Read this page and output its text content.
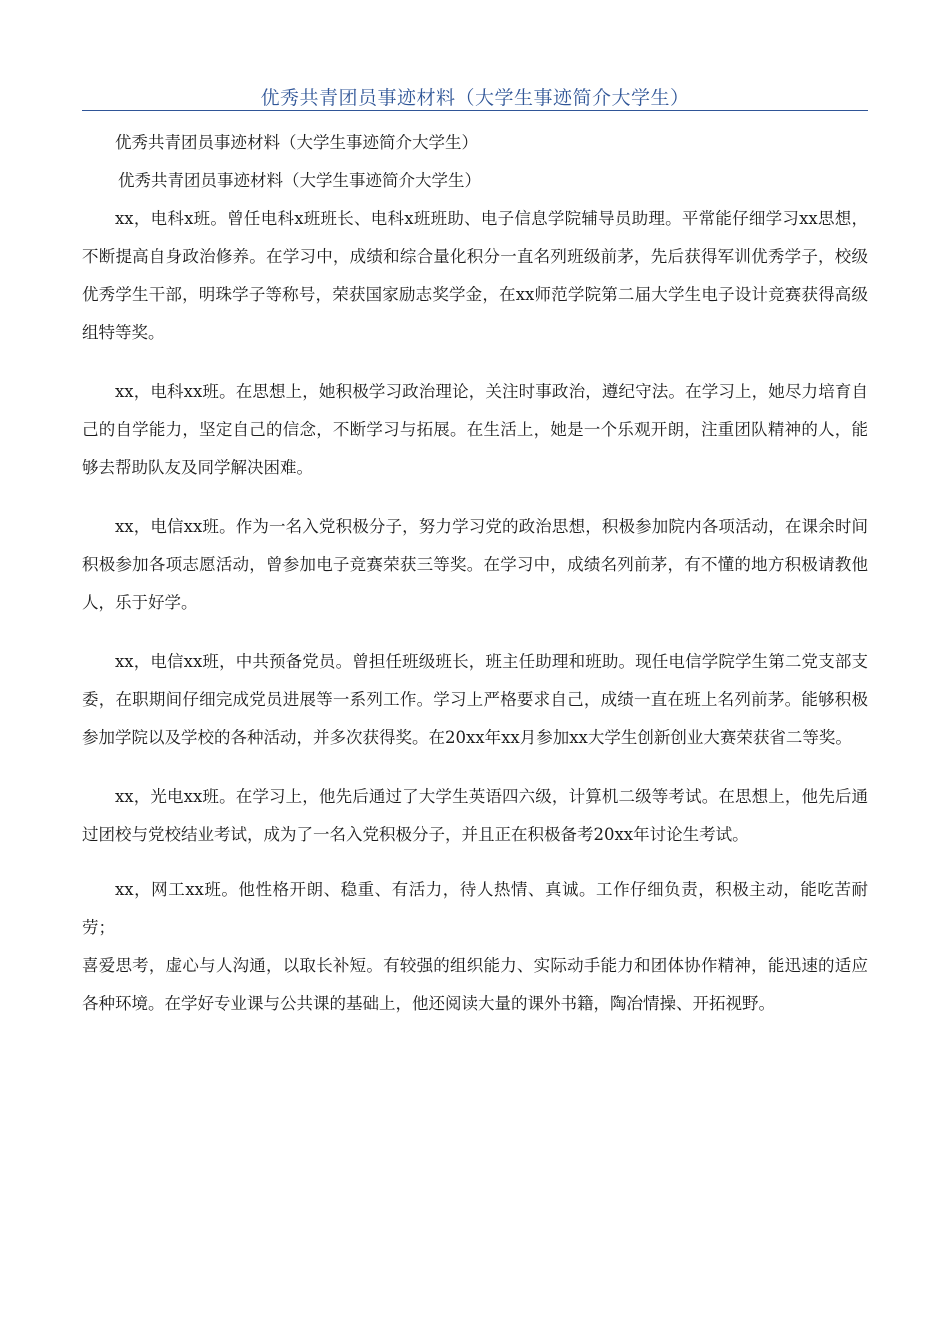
优秀共青团员事迹材料（大学生事迹简介大学生）

优秀共青团员事迹材料（大学生事迹简介大学生）

优秀共青团员事迹材料（大学生事迹简介大学生）

xx，电科x班。曾任电科x班班长、电科x班班助、电子信息学院辅导员助理。平常能仔细学习xx思想，不断提高自身政治修养。在学习中，成绩和综合量化积分一直名列班级前茅，先后获得军训优秀学子，校级优秀学生干部，明珠学子等称号，荣获国家励志奖学金，在xx师范学院第二届大学生电子设计竞赛获得高级组特等奖。

xx，电科xx班。在思想上，她积极学习政治理论，关注时事政治，遵纪守法。在学习上，她尽力培育自己的自学能力，坚定自己的信念，不断学习与拓展。在生活上，她是一个乐观开朗，注重团队精神的人，能够去帮助队友及同学解决困难。

xx，电信xx班。作为一名入党积极分子，努力学习党的政治思想，积极参加院内各项活动，在课余时间积极参加各项志愿活动，曾参加电子竞赛荣获三等奖。在学习中，成绩名列前茅，有不懂的地方积极请教他人，乐于好学。

xx，电信xx班，中共预备党员。曾担任班级班长，班主任助理和班助。现任电信学院学生第二党支部支委，在职期间仔细完成党员进展等一系列工作。学习上严格要求自己，成绩一直在班上名列前茅。能够积极参加学院以及学校的各种活动，并多次获得奖。在20xx年xx月参加xx大学生创新创业大赛荣获省二等奖。

xx，光电xx班。在学习上，他先后通过了大学生英语四六级，计算机二级等考试。在思想上，他先后通过团校与党校结业考试，成为了一名入党积极分子，并且正在积极备考20xx年讨论生考试。

xx，网工xx班。他性格开朗、稳重、有活力，待人热情、真诚。工作仔细负责，积极主动，能吃苦耐劳；

喜爱思考，虚心与人沟通，以取长补短。有较强的组织能力、实际动手能力和团体协作精神，能迅速的适应各种环境。在学好专业课与公共课的基础上，他还阅读大量的课外书籍，陶冶情操、开拓视野。
